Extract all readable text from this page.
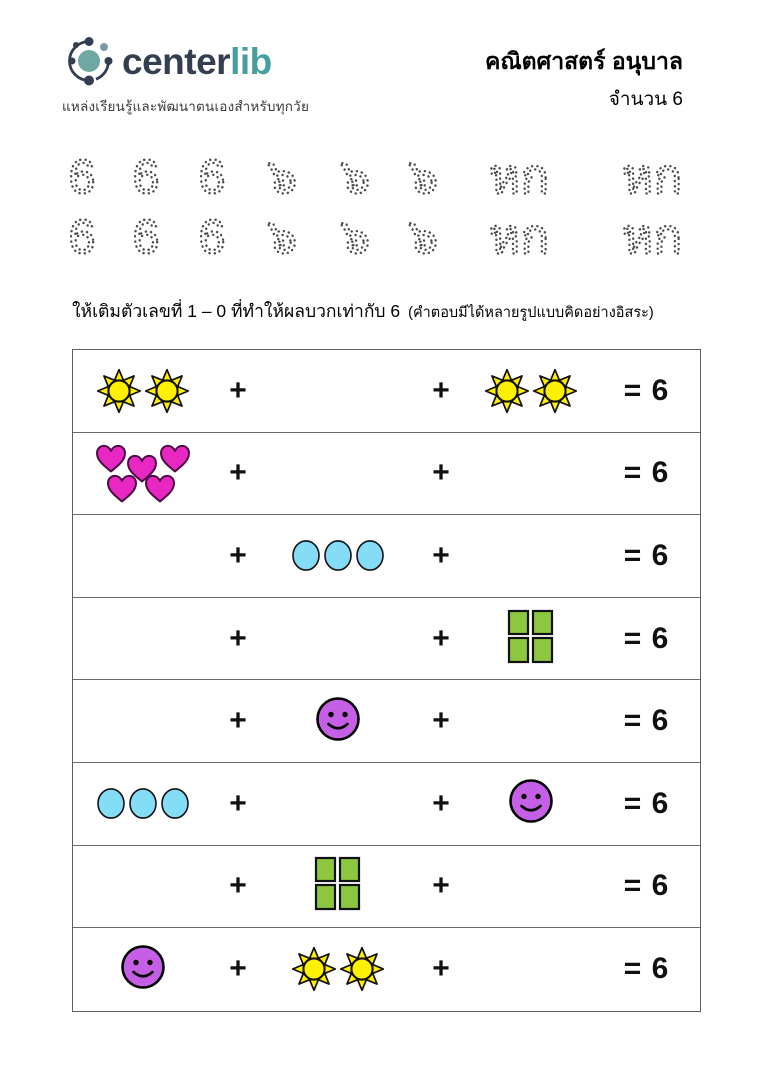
centerlib
แหล่งเรียนรู้และพัฒนาตนเองสำหรับทุกวัย
คณิตศาสตร์ อนุบาล
จำนวน 6
6 6 6 ๖ ๖ ๖ หก หก
6 6 6 ๖ ๖ ๖ หก หก
ให้เติมตัวเลขที่ 1 – 0 ที่ทำให้ผลบวกเท่ากับ 6 (คำตอบมีได้หลายรูปแบบคิดอย่างอิสระ)
+	+	= 6
+	+	= 6
+	+	= 6
+	+	= 6
+	+	= 6
+	+	= 6
+	+	= 6
+	+	= 6
